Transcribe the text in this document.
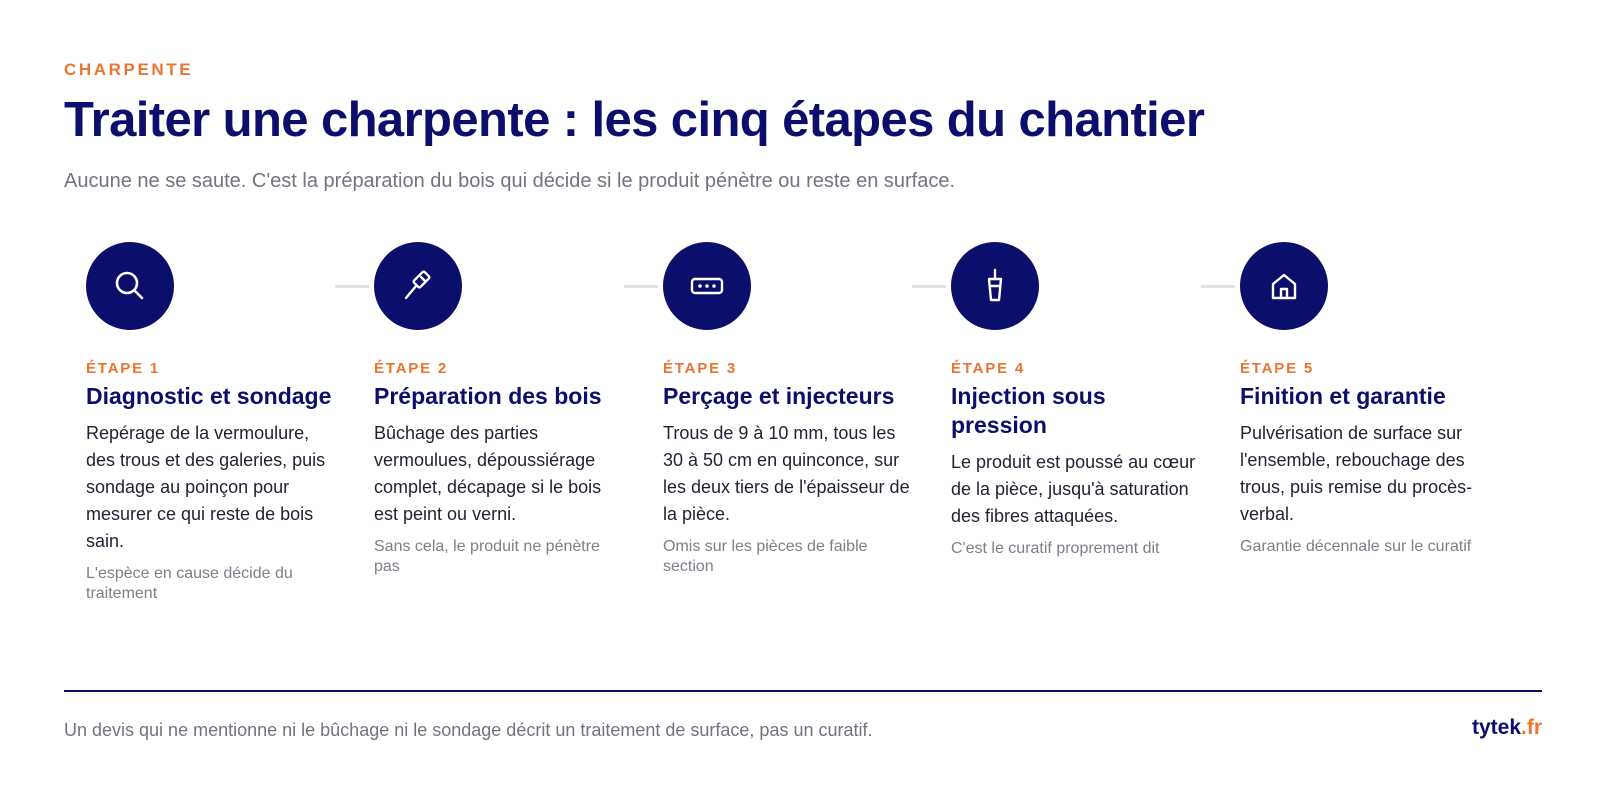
CHARPENTE
Traiter une charpente : les cinq étapes du chantier

Aucune ne se saute. C'est la préparation du bois qui décide si le produit pénètre ou reste en surface.

ÉTAPE 1
Diagnostic et sondage

Repérage de la vermoulure, des trous et des galeries, puis sondage au poinçon pour mesurer ce qui reste de bois sain.

L'espèce en cause décide du traitement

ÉTAPE 2
Préparation des bois

Bûchage des parties vermoulues, dépoussiérage complet, décapage si le bois est peint ou verni.

Sans cela, le produit ne pénètre pas

ÉTAPE 3
Perçage et injecteurs

Trous de 9 à 10 mm, tous les 30 à 50 cm en quinconce, sur les deux tiers de l'épaisseur de la pièce.

Omis sur les pièces de faible section

ÉTAPE 4
Injection sous pression

Le produit est poussé au cœur de la pièce, jusqu'à saturation des fibres attaquées.

C'est le curatif proprement dit

ÉTAPE 5
Finition et garantie

Pulvérisation de surface sur l'ensemble, rebouchage des trous, puis remise du procès-verbal.

Garantie décennale sur le curatif

Un devis qui ne mentionne ni le bûchage ni le sondage décrit un traitement de surface, pas un curatif.	tytek.fr
